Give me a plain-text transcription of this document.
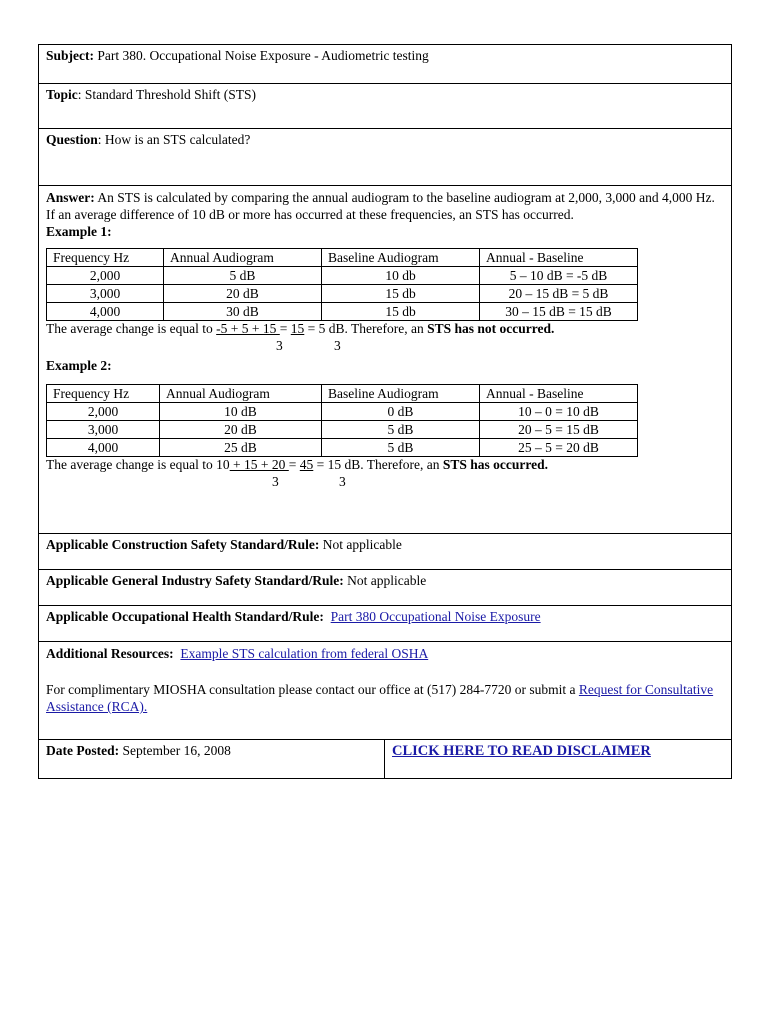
Subject: Part 380. Occupational Noise Exposure - Audiometric testing
Topic: Standard Threshold Shift (STS)
Question: How is an STS calculated?
Answer: An STS is calculated by comparing the annual audiogram to the baseline audiogram at 2,000, 3,000 and 4,000 Hz. If an average difference of 10 dB or more has occurred at these frequencies, an STS has occurred.
Example 1:
Frequency Hz	Annual Audiogram	Baseline Audiogram	Annual - Baseline
2,000	5 dB	10 db	5 – 10 dB = -5 dB
3,000	20 dB	15 db	20 – 15 dB = 5 dB
4,000	30 dB	15 db	30 – 15 dB = 15 dB
The average change is equal to -5 + 5 + 15 = 15 = 5 dB. Therefore, an STS has not occurred.
3	3
Example 2:
Frequency Hz	Annual Audiogram	Baseline Audiogram	Annual - Baseline
2,000	10 dB	0 dB	10 – 0 = 10 dB
3,000	20 dB	5 dB	20 – 5 = 15 dB
4,000	25 dB	5 dB	25 – 5 = 20 dB
The average change is equal to 10 + 15 + 20 = 45 = 15 dB. Therefore, an STS has occurred.
3	3
Applicable Construction Safety Standard/Rule: Not applicable
Applicable General Industry Safety Standard/Rule: Not applicable
Applicable Occupational Health Standard/Rule: Part 380 Occupational Noise Exposure
Additional Resources: Example STS calculation from federal OSHA
For complimentary MIOSHA consultation please contact our office at (517) 284-7720 or submit a Request for Consultative Assistance (RCA).
Date Posted: September 16, 2008	CLICK HERE TO READ DISCLAIMER
